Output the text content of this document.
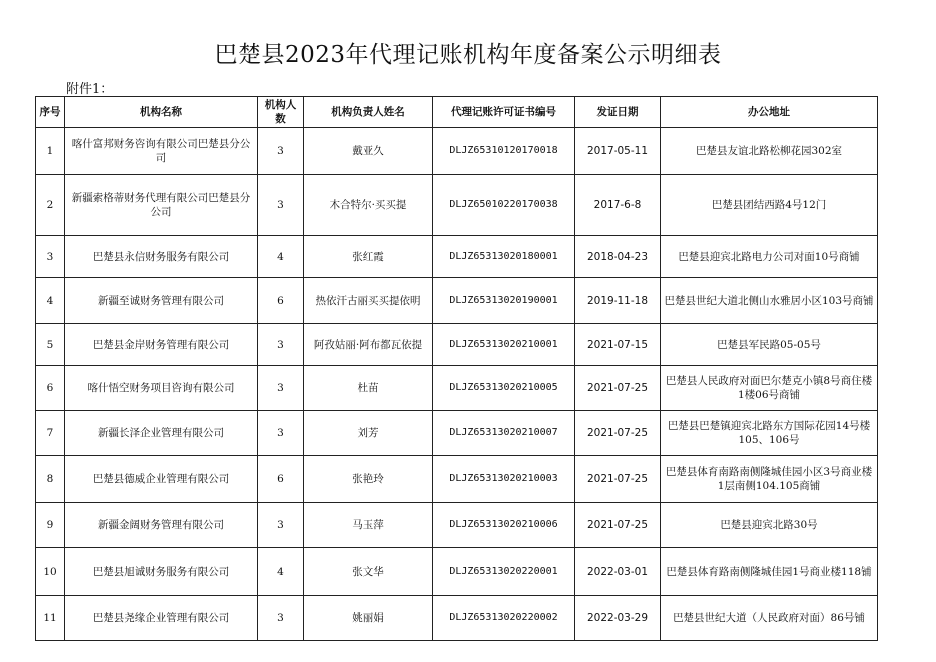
巴楚县2023年代理记账机构年度备案公示明细表
附件1：
序号	机构名称	机构人数	机构负责人姓名	代理记账许可证书编号	发证日期	办公地址
1	喀什富邦财务咨询有限公司巴楚县分公司	3	戴亚久	DLJZ65310120170018	2017-05-11	巴楚县友谊北路松柳花园302室
2	新疆索格蒂财务代理有限公司巴楚县分公司	3	木合特尔·买买提	DLJZ65010220170038	2017-6-8	巴楚县团结西路4号12门
3	巴楚县永信财务服务有限公司	4	张红霞	DLJZ65313020180001	2018-04-23	巴楚县迎宾北路电力公司对面10号商铺
4	新疆至诚财务管理有限公司	6	热依汗古丽买买提依明	DLJZ65313020190001	2019-11-18	巴楚县世纪大道北侧山水雅居小区103号商铺
5	巴楚县金岸财务管理有限公司	3	阿孜姑丽·阿布都瓦依提	DLJZ65313020210001	2021-07-15	巴楚县军民路05-05号
6	喀什悟空财务项目咨询有限公司	3	杜苗	DLJZ65313020210005	2021-07-25	巴楚县人民政府对面巴尔楚克小镇8号商住楼1楼06号商铺
7	新疆长泽企业管理有限公司	3	刘芳	DLJZ65313020210007	2021-07-25	巴楚县巴楚镇迎宾北路东方国际花园14号楼105、106号
8	巴楚县德威企业管理有限公司	6	张艳玲	DLJZ65313020210003	2021-07-25	巴楚县体育南路南侧隆城佳园小区3号商业楼1层南侧104.105商铺
9	新疆金阔财务管理有限公司	3	马玉萍	DLJZ65313020210006	2021-07-25	巴楚县迎宾北路30号
10	巴楚县旭诚财务服务有限公司	4	张文华	DLJZ65313020220001	2022-03-01	巴楚县体育路南侧隆城佳园1号商业楼118铺
11	巴楚县尧缘企业管理有限公司	3	姚丽娟	DLJZ65313020220002	2022-03-29	巴楚县世纪大道（人民政府对面）86号铺
